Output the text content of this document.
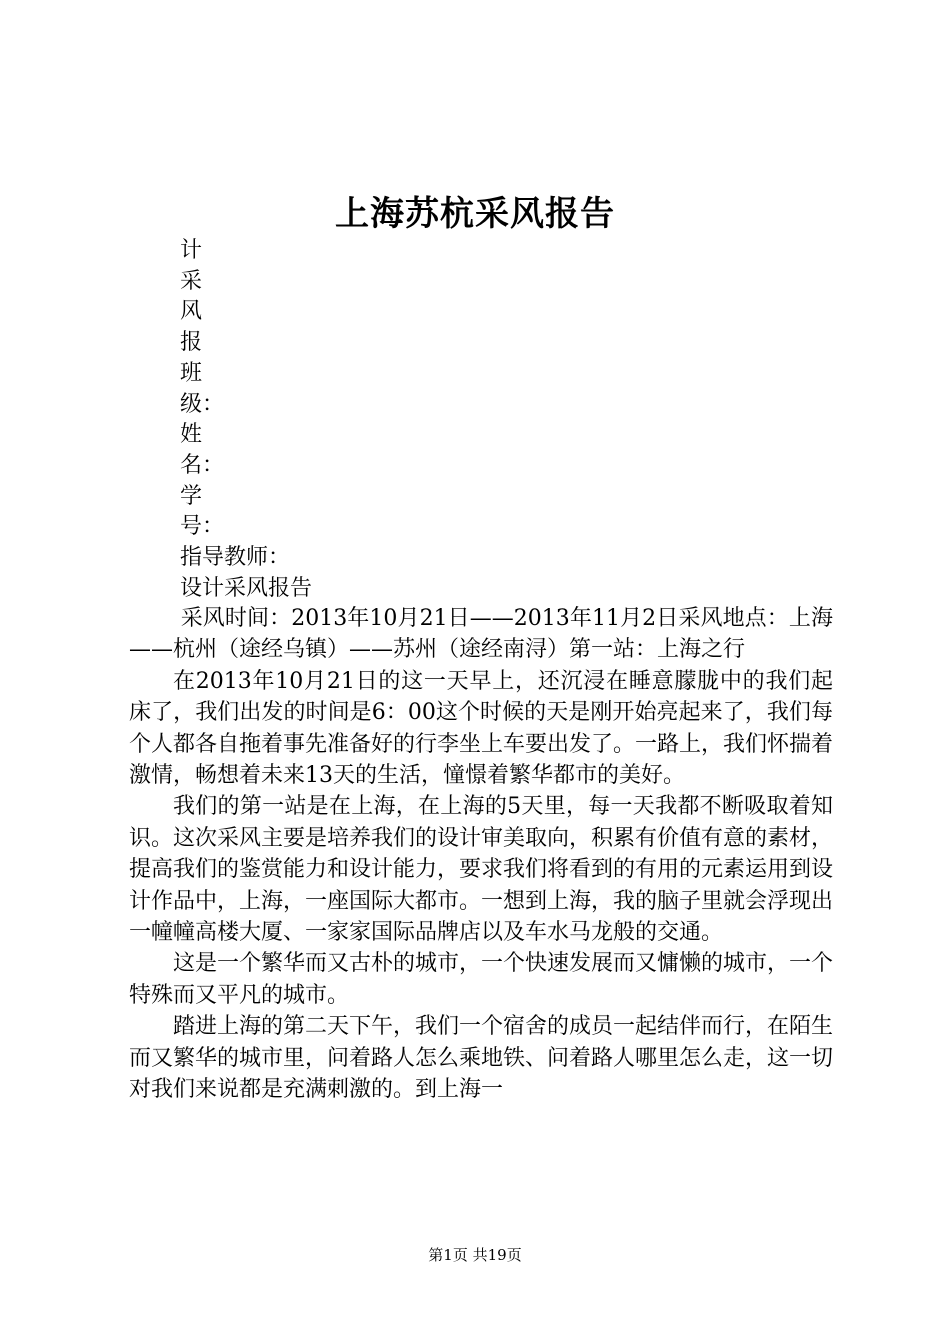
上海苏杭采风报告
计
采
风
报
班
级：
姓
名：
学
号：
指导教师：
设计采风报告

采风时间：2013年10月21日——2013年11月2日采风地点：上海——杭州（途经乌镇）——苏州（途经南浔）第一站：上海之行

在2013年10月21日的这一天早上，还沉浸在睡意朦胧中的我们起床了，我们出发的时间是6：00这个时候的天是刚开始亮起来了，我们每个人都各自拖着事先准备好的行李坐上车要出发了。一路上，我们怀揣着激情，畅想着未来13天的生活，憧憬着繁华都市的美好。

我们的第一站是在上海，在上海的5天里，每一天我都不断吸取着知识。这次采风主要是培养我们的设计审美取向，积累有价值有意的素材，提高我们的鉴赏能力和设计能力，要求我们将看到的有用的元素运用到设计作品中，上海，一座国际大都市。一想到上海，我的脑子里就会浮现出一幢幢高楼大厦、一家家国际品牌店以及车水马龙般的交通。

这是一个繁华而又古朴的城市，一个快速发展而又慵懒的城市，一个特殊而又平凡的城市。

踏进上海的第二天下午，我们一个宿舍的成员一起结伴而行，在陌生而又繁华的城市里，问着路人怎么乘地铁、问着路人哪里怎么走，这一切对我们来说都是充满刺激的。到上海一

第1页 共19页
